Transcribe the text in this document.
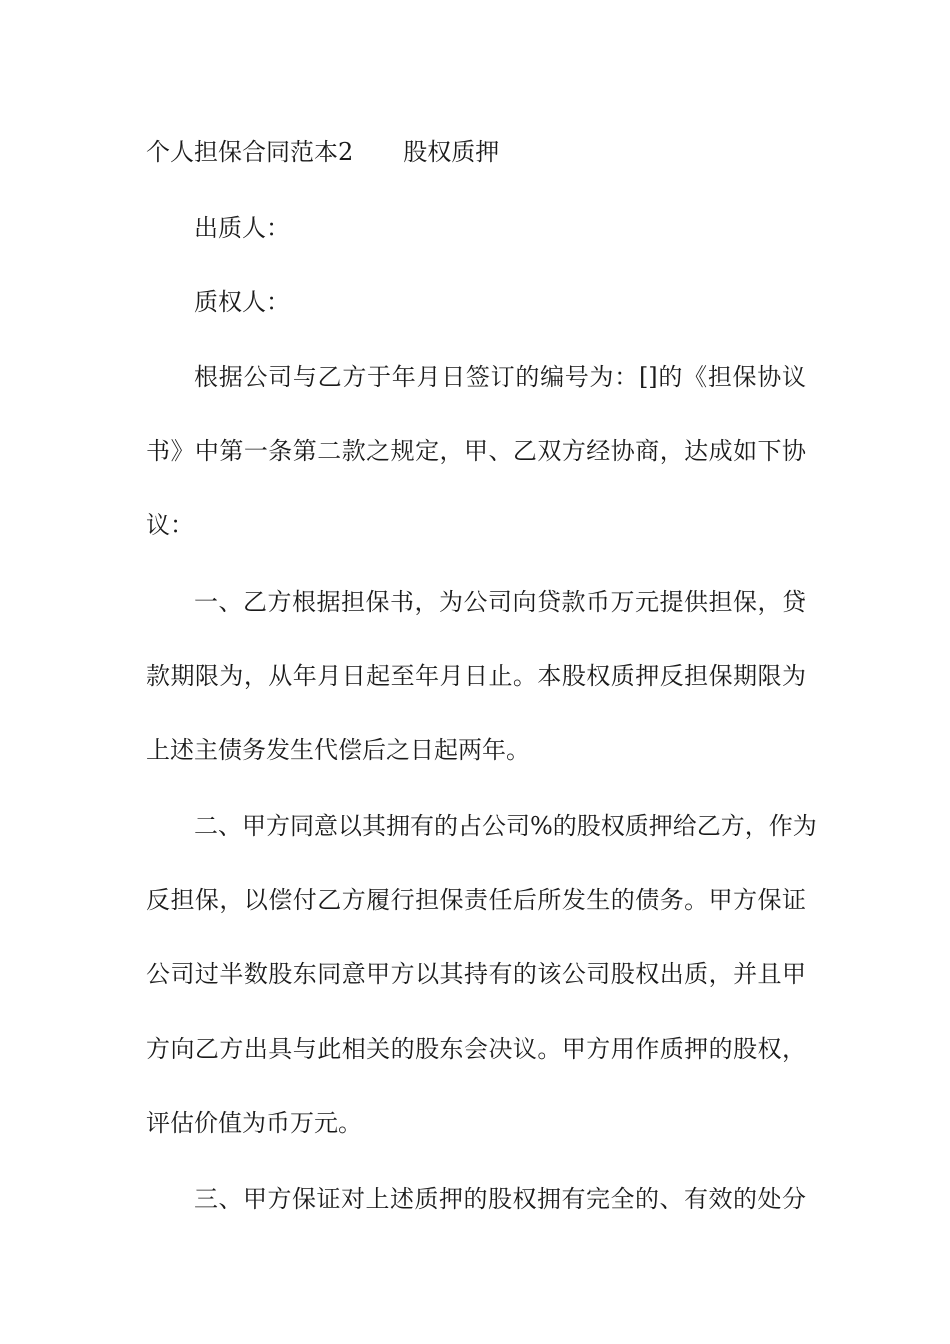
个人担保合同范本2 股权质押
出质人：
质权人：
根据公司与乙方于年月日签订的编号为：[]的《担保协议
书》中第一条第二款之规定，甲、乙双方经协商，达成如下协
议：
一、乙方根据担保书，为公司向贷款币万元提供担保，贷
款期限为，从年月日起至年月日止。本股权质押反担保期限为
上述主债务发生代偿后之日起两年。
二、甲方同意以其拥有的占公司%的股权质押给乙方，作为
反担保，以偿付乙方履行担保责任后所发生的债务。甲方保证
公司过半数股东同意甲方以其持有的该公司股权出质，并且甲
方向乙方出具与此相关的股东会决议。甲方用作质押的股权，
评估价值为币万元。
三、甲方保证对上述质押的股权拥有完全的、有效的处分
